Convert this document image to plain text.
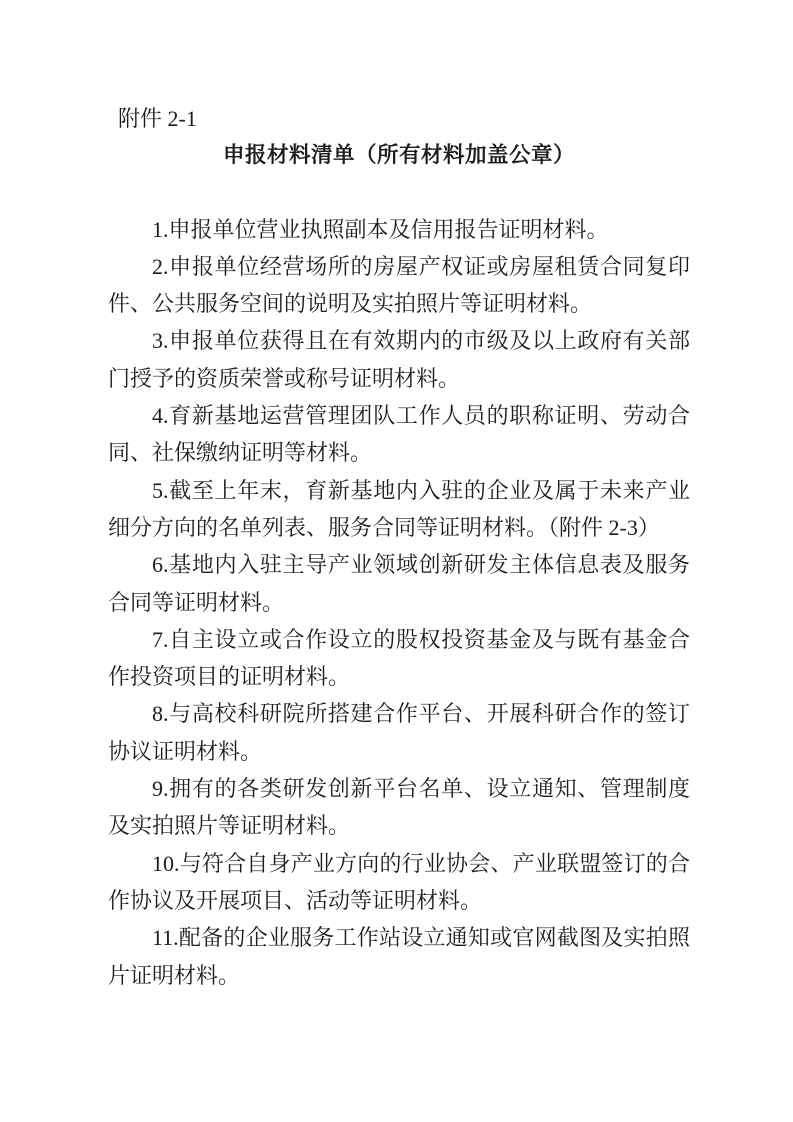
附件 2-1

申报材料清单（所有材料加盖公章）

1.申报单位营业执照副本及信用报告证明材料。

2.申报单位经营场所的房屋产权证或房屋租赁合同复印件、公共服务空间的说明及实拍照片等证明材料。

3.申报单位获得且在有效期内的市级及以上政府有关部门授予的资质荣誉或称号证明材料。

4.育新基地运营管理团队工作人员的职称证明、劳动合同、社保缴纳证明等材料。

5.截至上年末，育新基地内入驻的企业及属于未来产业细分方向的名单列表、服务合同等证明材料。（附件 2-3）

6.基地内入驻主导产业领域创新研发主体信息表及服务合同等证明材料。

7.自主设立或合作设立的股权投资基金及与既有基金合作投资项目的证明材料。

8.与高校科研院所搭建合作平台、开展科研合作的签订协议证明材料。

9.拥有的各类研发创新平台名单、设立通知、管理制度及实拍照片等证明材料。

10.与符合自身产业方向的行业协会、产业联盟签订的合作协议及开展项目、活动等证明材料。

11.配备的企业服务工作站设立通知或官网截图及实拍照片证明材料。
